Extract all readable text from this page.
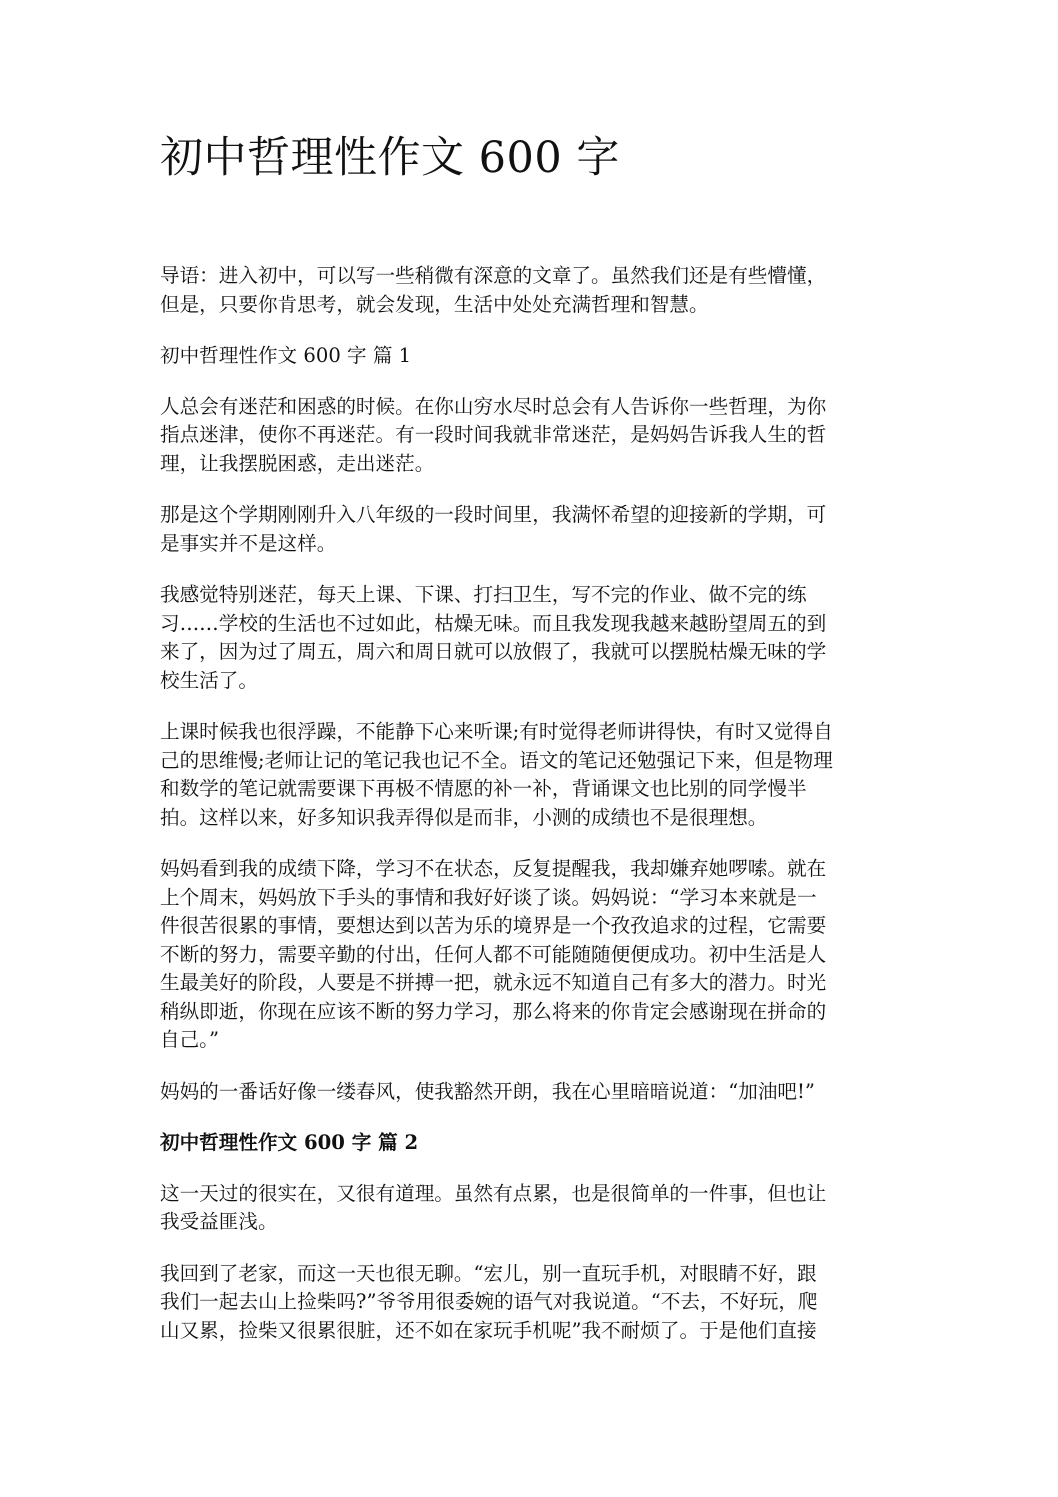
初中哲理性作文 600 字

导语：进入初中，可以写一些稍微有深意的文章了。虽然我们还是有些懵懂，
但是，只要你肯思考，就会发现，生活中处处充满哲理和智慧。

初中哲理性作文 600 字 篇 1

人总会有迷茫和困惑的时候。在你山穷水尽时总会有人告诉你一些哲理，为你
指点迷津，使你不再迷茫。有一段时间我就非常迷茫，是妈妈告诉我人生的哲
理，让我摆脱困惑，走出迷茫。

那是这个学期刚刚升入八年级的一段时间里，我满怀希望的迎接新的学期，可
是事实并不是这样。

我感觉特别迷茫，每天上课、下课、打扫卫生，写不完的作业、做不完的练
习……学校的生活也不过如此，枯燥无味。而且我发现我越来越盼望周五的到
来了，因为过了周五，周六和周日就可以放假了，我就可以摆脱枯燥无味的学
校生活了。

上课时候我也很浮躁，不能静下心来听课;有时觉得老师讲得快，有时又觉得自
己的思维慢;老师让记的笔记我也记不全。语文的笔记还勉强记下来，但是物理
和数学的笔记就需要课下再极不情愿的补一补，背诵课文也比别的同学慢半
拍。这样以来，好多知识我弄得似是而非，小测的成绩也不是很理想。

妈妈看到我的成绩下降，学习不在状态，反复提醒我，我却嫌弃她啰嗦。就在
上个周末，妈妈放下手头的事情和我好好谈了谈。妈妈说：“学习本来就是一
件很苦很累的事情，要想达到以苦为乐的境界是一个孜孜追求的过程，它需要
不断的努力，需要辛勤的付出，任何人都不可能随随便便成功。初中生活是人
生最美好的阶段，人要是不拼搏一把，就永远不知道自己有多大的潜力。时光
稍纵即逝，你现在应该不断的努力学习，那么将来的你肯定会感谢现在拼命的
自己。”

妈妈的一番话好像一缕春风，使我豁然开朗，我在心里暗暗说道：“加油吧!”

初中哲理性作文 600 字 篇 2

这一天过的很实在，又很有道理。虽然有点累，也是很简单的一件事，但也让
我受益匪浅。

我回到了老家，而这一天也很无聊。“宏儿，别一直玩手机，对眼睛不好，跟
我们一起去山上捡柴吗?”爷爷用很委婉的语气对我说道。“不去，不好玩，爬
山又累，捡柴又很累很脏，还不如在家玩手机呢”我不耐烦了。于是他们直接
